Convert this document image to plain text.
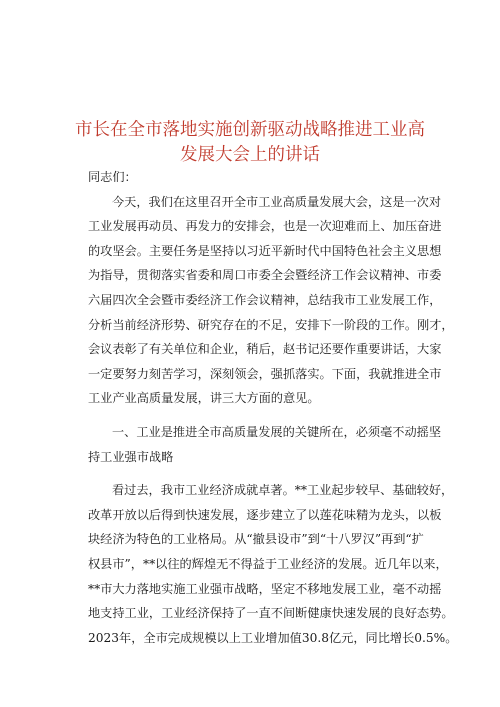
市长在全市落地实施创新驱动战略推进工业高
发展大会上的讲话
同志们：
今天，我们在这里召开全市工业高质量发展大会，这是一次对
工业发展再动员、再发力的安排会，也是一次迎难而上、加压奋进
的攻坚会。主要任务是坚持以习近平新时代中国特色社会主义思想
为指导，贯彻落实省委和周口市委全会暨经济工作会议精神、市委
六届四次全会暨市委经济工作会议精神，总结我市工业发展工作，
分析当前经济形势、研究存在的不足，安排下一阶段的工作。刚才，
会议表彰了有关单位和企业，稍后，赵书记还要作重要讲话，大家
一定要努力刻苦学习，深刻领会，强抓落实。下面，我就推进全市
工业产业高质量发展，讲三大方面的意见。
一、工业是推进全市高质量发展的关键所在，必须毫不动摇坚
持工业强市战略
看过去，我市工业经济成就卓著。**工业起步较早、基础较好，
改革开放以后得到快速发展，逐步建立了以莲花味精为龙头，以板
块经济为特色的工业格局。从“撤县设市”到“十八罗汉”再到“扩
权县市”，**以往的辉煌无不得益于工业经济的发展。近几年以来，
**市大力落地实施工业强市战略，坚定不移地发展工业，毫不动摇
地支持工业，工业经济保持了一直不间断健康快速发展的良好态势。
2023年，全市完成规模以上工业增加值30.8亿元，同比增长0.5%。
